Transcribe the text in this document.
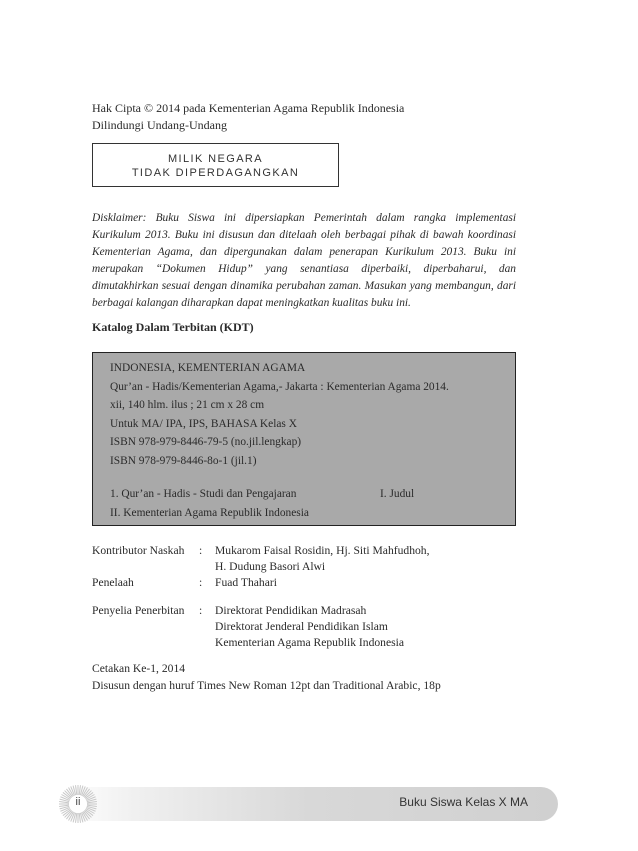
Hak Cipta © 2014 pada Kementerian Agama Republik Indonesia
Dilindungi Undang-Undang
MILIK NEGARA
TIDAK DIPERDAGANGKAN
Disklaimer: Buku Siswa ini dipersiapkan Pemerintah dalam rangka implementasi Kurikulum 2013. Buku ini disusun dan ditelaah oleh berbagai pihak di bawah koordinasi Kementerian Agama, dan dipergunakan dalam penerapan Kurikulum 2013. Buku ini merupakan “Dokumen Hidup” yang senantiasa diperbaiki, diperbaharui, dan dimutakhirkan sesuai dengan dinamika perubahan zaman. Masukan yang membangun, dari berbagai kalangan diharapkan dapat meningkatkan kualitas buku ini.
Katalog Dalam Terbitan (KDT)
INDONESIA, KEMENTERIAN AGAMA
Qur’an - Hadis/Kementerian Agama,- Jakarta : Kementerian Agama 2014.
xii, 140 hlm. ilus ; 21 cm x 28 cm
Untuk MA/ IPA, IPS, BAHASA Kelas X
ISBN 978-979-8446-79-5 (no.jil.lengkap)
ISBN 978-979-8446-8o-1 (jil.1)
1. Qur’an - Hadis - Studi dan Pengajaran	I. Judul
II. Kementerian Agama Republik Indonesia
Kontributor Naskah	:	Mukarom Faisal Rosidin, Hj. Siti Mahfudhoh,
H. Dudung Basori Alwi
Penelaah	:	Fuad Thahari
Penyelia Penerbitan	:	Direktorat Pendidikan Madrasah
Direktorat Jenderal Pendidikan Islam
Kementerian Agama Republik Indonesia
Cetakan Ke-1, 2014
Disusun dengan huruf Times New Roman 12pt dan Traditional Arabic, 18p
ii	Buku Siswa Kelas X MA
